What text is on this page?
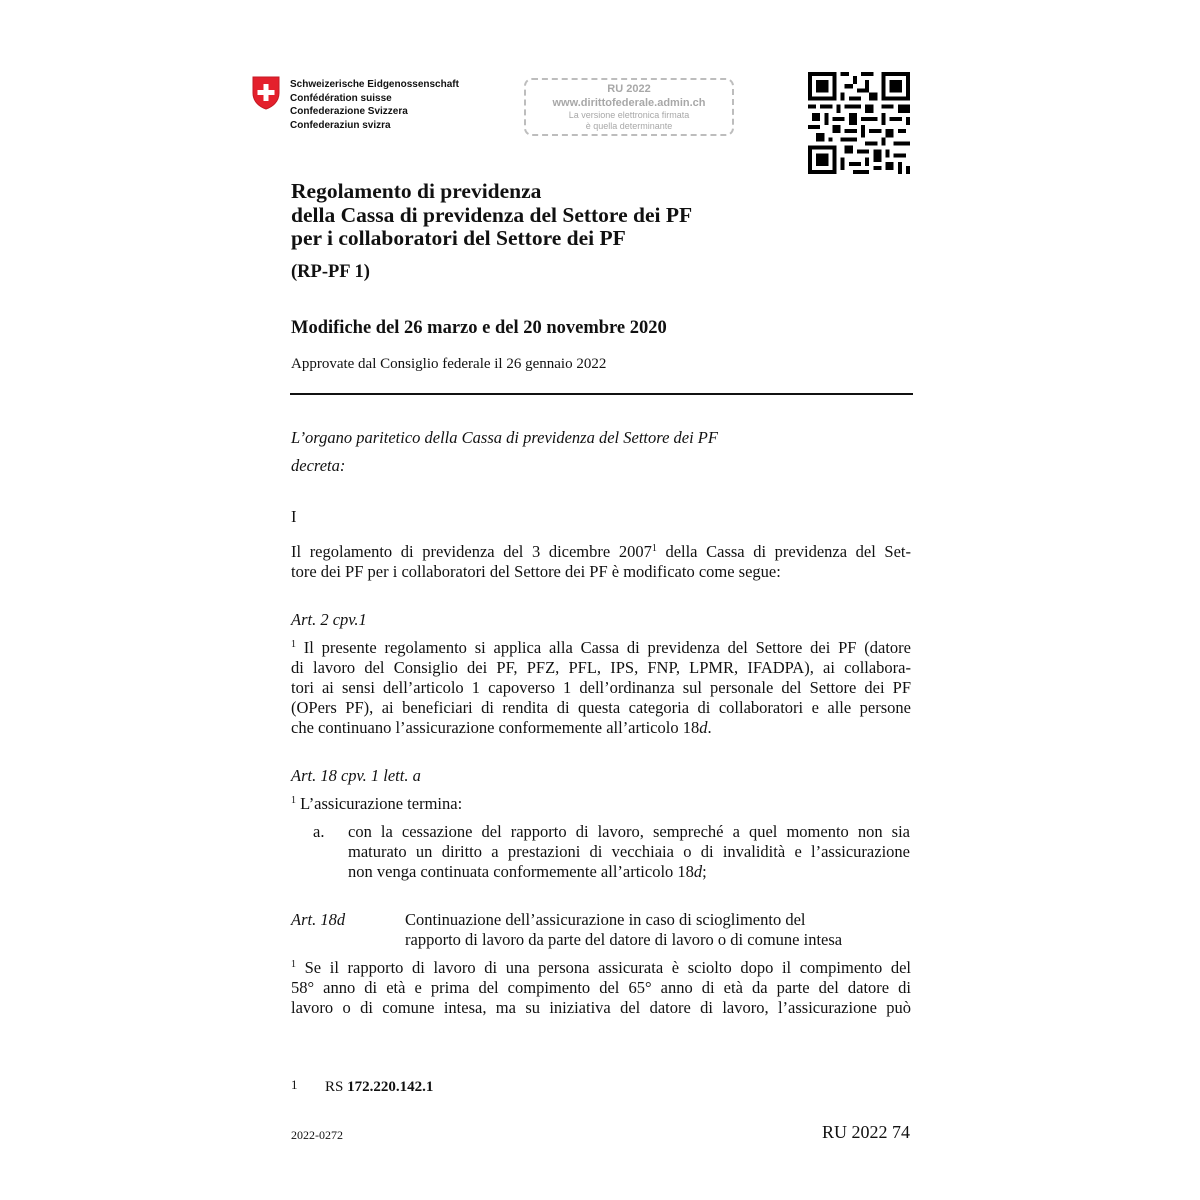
Schweizerische Eidgenossenschaft
Confédération suisse
Confederazione Svizzera
Confederaziun svizra
RU 2022
www.dirittofederale.admin.ch
La versione elettronica firmata
è quella determinante
Regolamento di previdenza
della Cassa di previdenza del Settore dei PF
per i collaboratori del Settore dei PF
(RP-PF 1)
Modifiche del 26 marzo e del 20 novembre 2020
Approvate dal Consiglio federale il 26 gennaio 2022
L’organo paritetico della Cassa di previdenza del Settore dei PF
decreta:
I
Il regolamento di previdenza del 3 dicembre 2007$^1$ della Cassa di previdenza del Set-
tore dei PF per i collaboratori del Settore dei PF è modificato come segue:
Art. 2 cpv.1
$^1$ Il presente regolamento si applica alla Cassa di previdenza del Settore dei PF (datore
di lavoro del Consiglio dei PF, PFZ, PFL, IPS, FNP, LPMR, IFADPA), ai collabora-
tori ai sensi dell’articolo 1 capoverso 1 dell’ordinanza sul personale del Settore dei PF
(OPers PF), ai beneficiari di rendita di questa categoria di collaboratori e alle persone
che continuano l’assicurazione conformemente all’articolo 18d.
Art. 18 cpv. 1 lett. a
$^1$ L’assicurazione termina:
a. con la cessazione del rapporto di lavoro, sempreché a quel momento non sia
maturato un diritto a prestazioni di vecchiaia o di invalidità e l’assicurazione
non venga continuata conformemente all’articolo 18d;
Art. 18d	Continuazione dell’assicurazione in caso di scioglimento del
rapporto di lavoro da parte del datore di lavoro o di comune intesa
$^1$ Se il rapporto di lavoro di una persona assicurata è sciolto dopo il compimento del
58° anno di età e prima del compimento del 65° anno di età da parte del datore di
lavoro o di comune intesa, ma su iniziativa del datore di lavoro, l’assicurazione può
1 RS 172.220.142.1
2022-0272	RU 2022 74
